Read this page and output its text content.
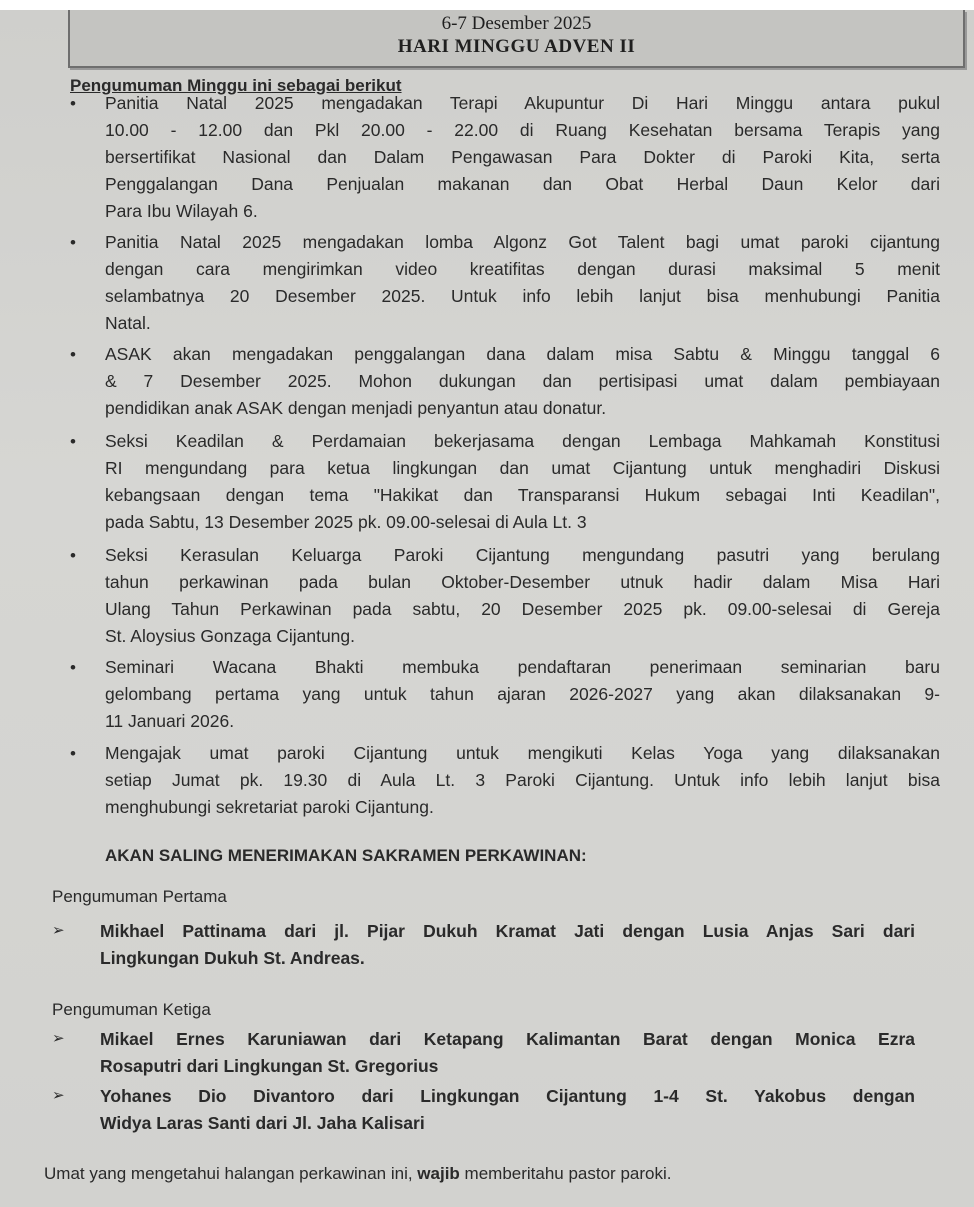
6-7 Desember 2025
HARI MINGGU ADVEN II
Pengumuman Minggu ini sebagai berikut
• Panitia Natal 2025 mengadakan Terapi Akupuntur Di Hari Minggu antara pukul
10.00 - 12.00 dan Pkl 20.00 - 22.00 di Ruang Kesehatan bersama Terapis yang
bersertifikat Nasional dan Dalam Pengawasan Para Dokter di Paroki Kita, serta
Penggalangan Dana Penjualan makanan dan Obat Herbal Daun Kelor dari
Para Ibu Wilayah 6.
• Panitia Natal 2025 mengadakan lomba Algonz Got Talent bagi umat paroki cijantung
dengan cara mengirimkan video kreatifitas dengan durasi maksimal 5 menit
selambatnya 20 Desember 2025. Untuk info lebih lanjut bisa menhubungi Panitia
Natal.
• ASAK akan mengadakan penggalangan dana dalam misa Sabtu & Minggu tanggal 6
& 7 Desember 2025. Mohon dukungan dan pertisipasi umat dalam pembiayaan
pendidikan anak ASAK dengan menjadi penyantun atau donatur.
• Seksi Keadilan & Perdamaian bekerjasama dengan Lembaga Mahkamah Konstitusi
RI mengundang para ketua lingkungan dan umat Cijantung untuk menghadiri Diskusi
kebangsaan dengan tema "Hakikat dan Transparansi Hukum sebagai Inti Keadilan",
pada Sabtu, 13 Desember 2025 pk. 09.00-selesai di Aula Lt. 3
• Seksi Kerasulan Keluarga Paroki Cijantung mengundang pasutri yang berulang
tahun perkawinan pada bulan Oktober-Desember utnuk hadir dalam Misa Hari
Ulang Tahun Perkawinan pada sabtu, 20 Desember 2025 pk. 09.00-selesai di Gereja
St. Aloysius Gonzaga Cijantung.
• Seminari Wacana Bhakti membuka pendaftaran penerimaan seminarian baru
gelombang pertama yang untuk tahun ajaran 2026-2027 yang akan dilaksanakan 9-
11 Januari 2026.
• Mengajak umat paroki Cijantung untuk mengikuti Kelas Yoga yang dilaksanakan
setiap Jumat pk. 19.30 di Aula Lt. 3 Paroki Cijantung. Untuk info lebih lanjut bisa
menghubungi sekretariat paroki Cijantung.
AKAN SALING MENERIMAKAN SAKRAMEN PERKAWINAN:
Pengumuman Pertama
➢ Mikhael Pattinama dari jl. Pijar Dukuh Kramat Jati dengan Lusia Anjas Sari dari
Lingkungan Dukuh St. Andreas.
Pengumuman Ketiga
➢ Mikael Ernes Karuniawan dari Ketapang Kalimantan Barat dengan Monica Ezra
Rosaputri dari Lingkungan St. Gregorius
➢ Yohanes Dio Divantoro dari Lingkungan Cijantung 1-4 St. Yakobus dengan
Widya Laras Santi dari Jl. Jaha Kalisari
Umat yang mengetahui halangan perkawinan ini, wajib memberitahu pastor paroki.
